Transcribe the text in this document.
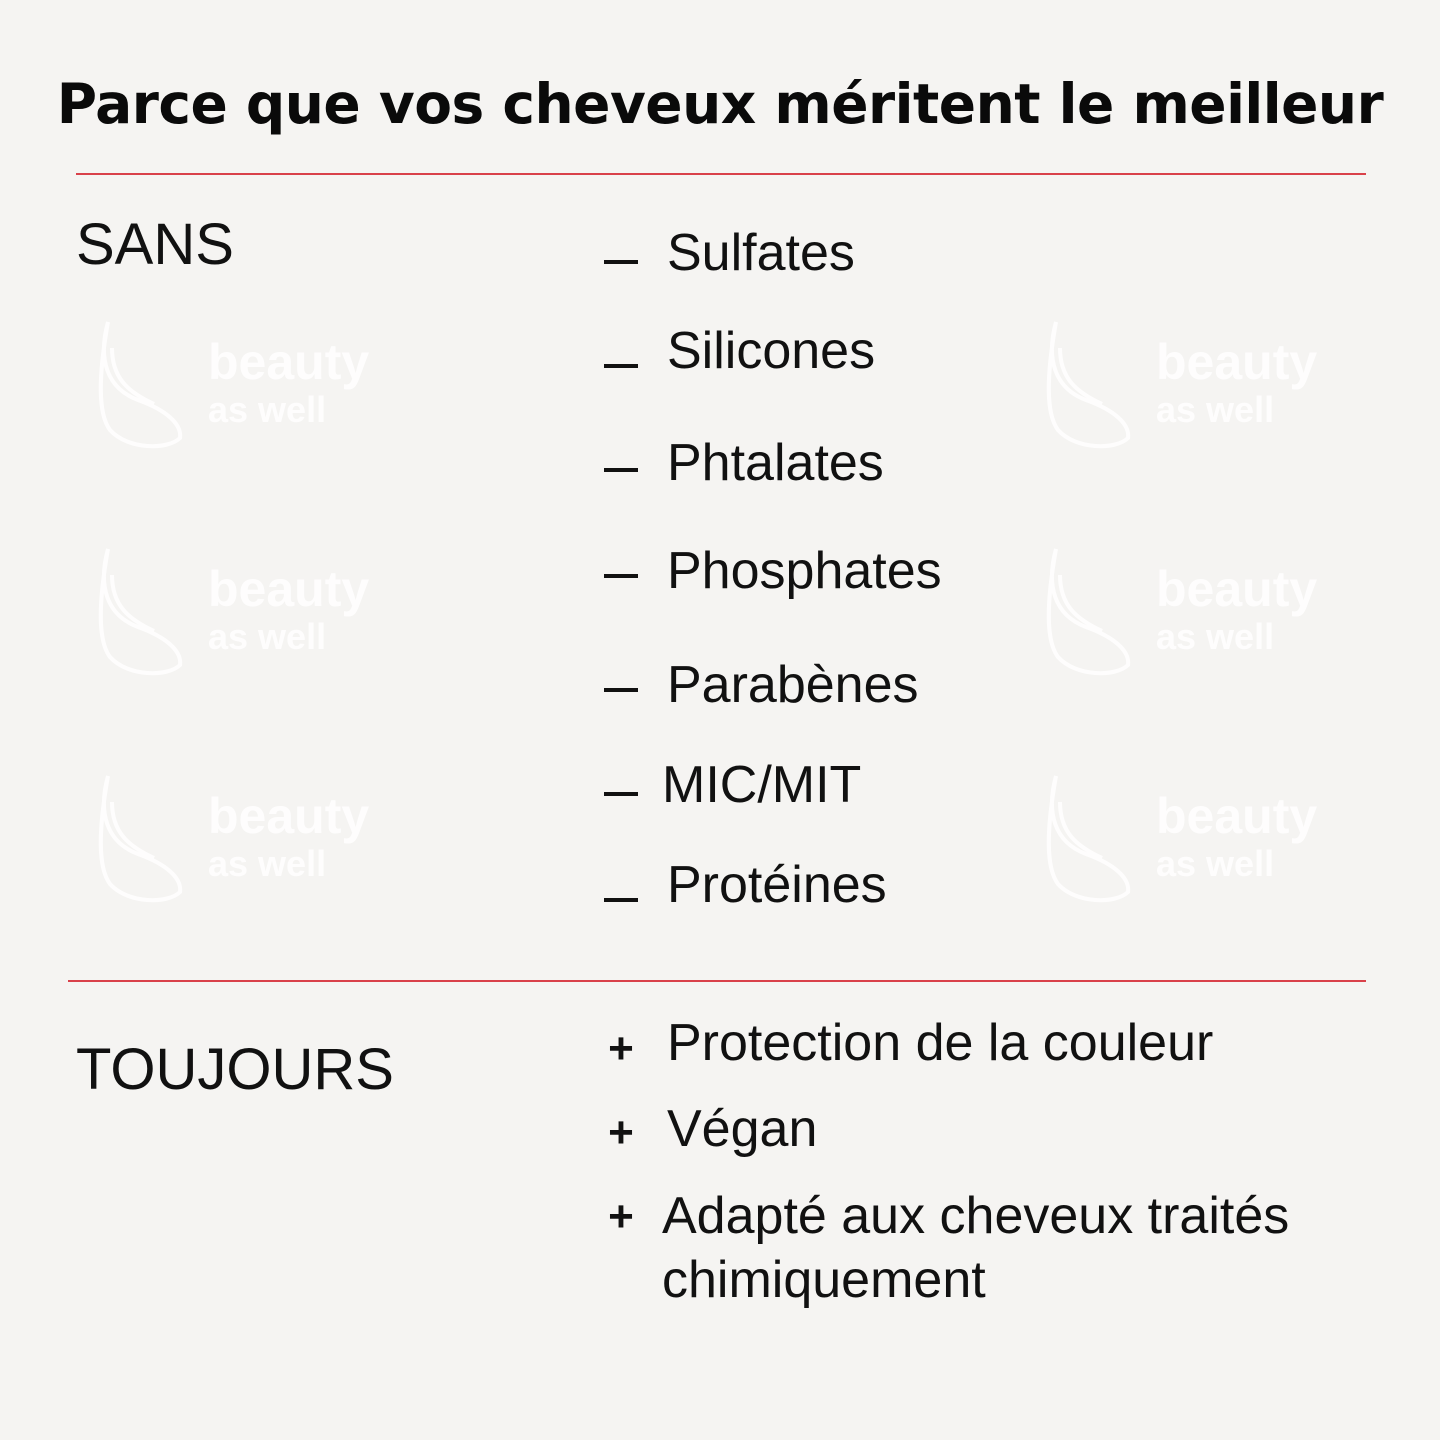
Parce que vos cheveux méritent le meilleur
beauty
as well
beauty
as well
beauty
as well
beauty
as well
beauty
as well
beauty
as well
SANS	Sulfates
Silicones
Phtalates
Phosphates
Parabènes
MIC/MIT
Protéines
TOUJOURS	+ Protection de la couleur
+ Végan
+ Adapté aux cheveux traités chimiquement
